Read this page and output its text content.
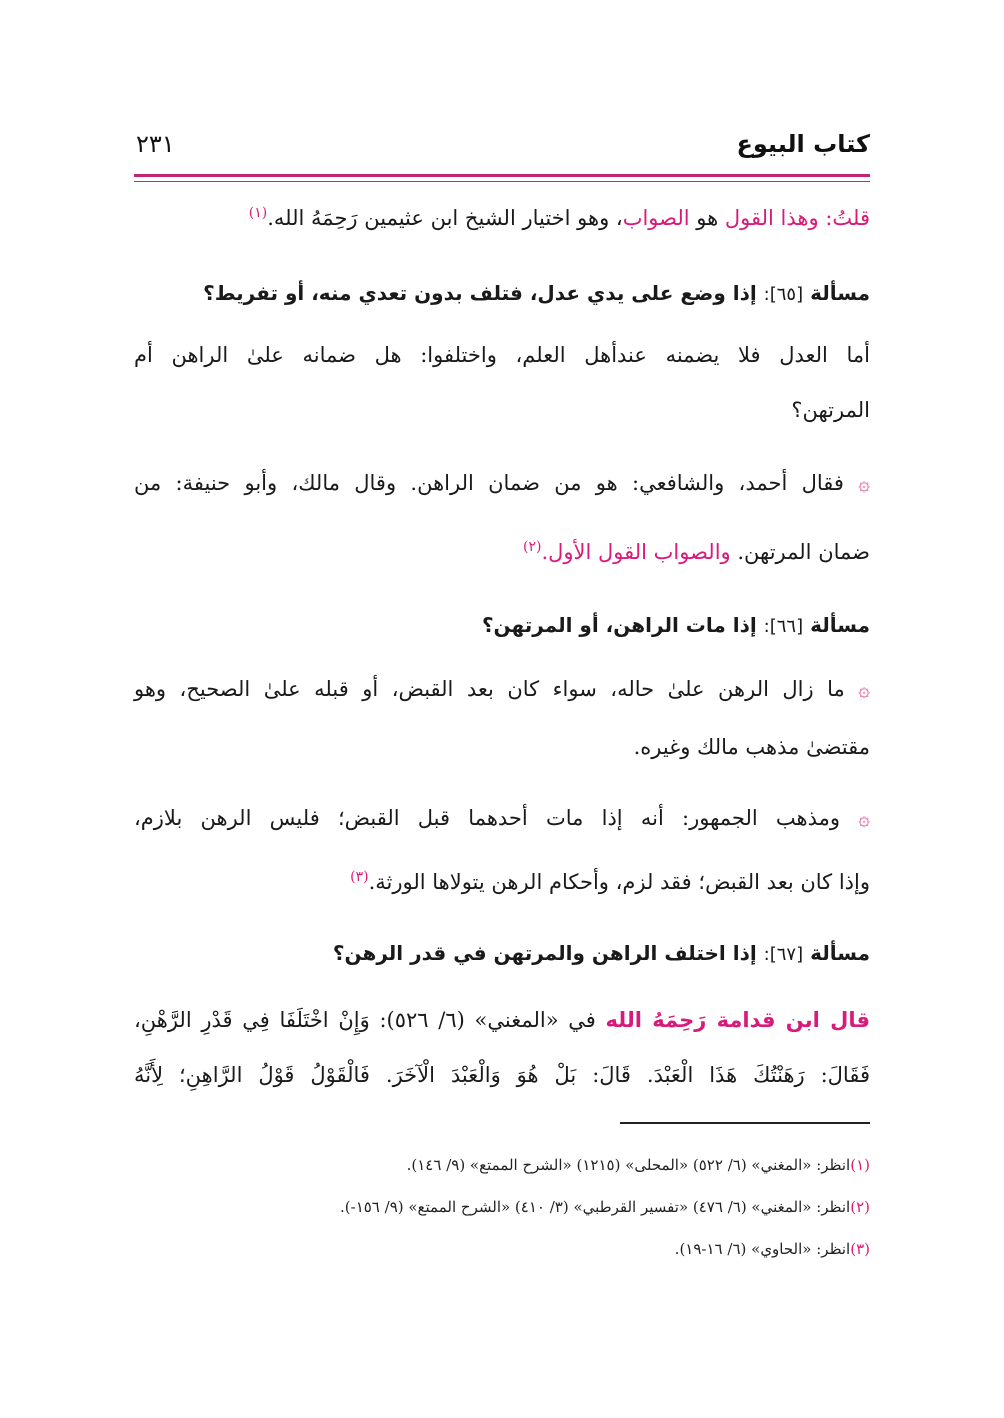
كتاب البيوع
٢٣١
قلتُ: وهذا القول هو الصواب، وهو اختيار الشيخ ابن عثيمين رَحِمَهُ الله.$^{(١)}$
مسألة [٦٥]: إذا وضع على يدي عدل، فتلف بدون تعدي منه، أو تفريط؟
أما العدل فلا يضمنه عندأهل العلم، واختلفوا: هل ضمانه علىٰ الراهن أم
المرتهن؟
۞ فقال أحمد، والشافعي: هو من ضمان الراهن. وقال مالك، وأبو حنيفة: من
ضمان المرتهن. والصواب القول الأول.$^{(٢)}$
مسألة [٦٦]: إذا مات الراهن، أو المرتهن؟
۞ ما زال الرهن علىٰ حاله، سواء كان بعد القبض، أو قبله علىٰ الصحيح، وهو
مقتضىٰ مذهب مالك وغيره.
۞ ومذهب الجمهور: أنه إذا مات أحدهما قبل القبض؛ فليس الرهن بلازم،
وإذا كان بعد القبض؛ فقد لزم، وأحكام الرهن يتولاها الورثة.$^{(٣)}$
مسألة [٦٧]: إذا اختلف الراهن والمرتهن في قدر الرهن؟
قال ابن قدامة رَحِمَهُ الله في «المغني» (٦/ ٥٢٦): وَإِنْ اخْتَلَفَا فِي قَدْرِ الرَّهْنِ،
فَقَالَ: رَهَنْتُكَ هَذَا الْعَبْدَ. قَالَ: بَلْ هُوَ وَالْعَبْدَ الْآخَرَ. فَالْقَوْلُ قَوْلُ الرَّاهِنِ؛ لِأَنَّهُ
(١)انظر: «المغني» (٦/ ٥٢٢) «المحلى» (١٢١٥) «الشرح الممتع» (٩/ ١٤٦).
(٢)انظر: «المغني» (٦/ ٤٧٦) «تفسير القرطبي» (٣/ ٤١٠) «الشرح الممتع» (٩/ ١٥٦-).
(٣)انظر: «الحاوي» (٦/ ١٦-١٩).
